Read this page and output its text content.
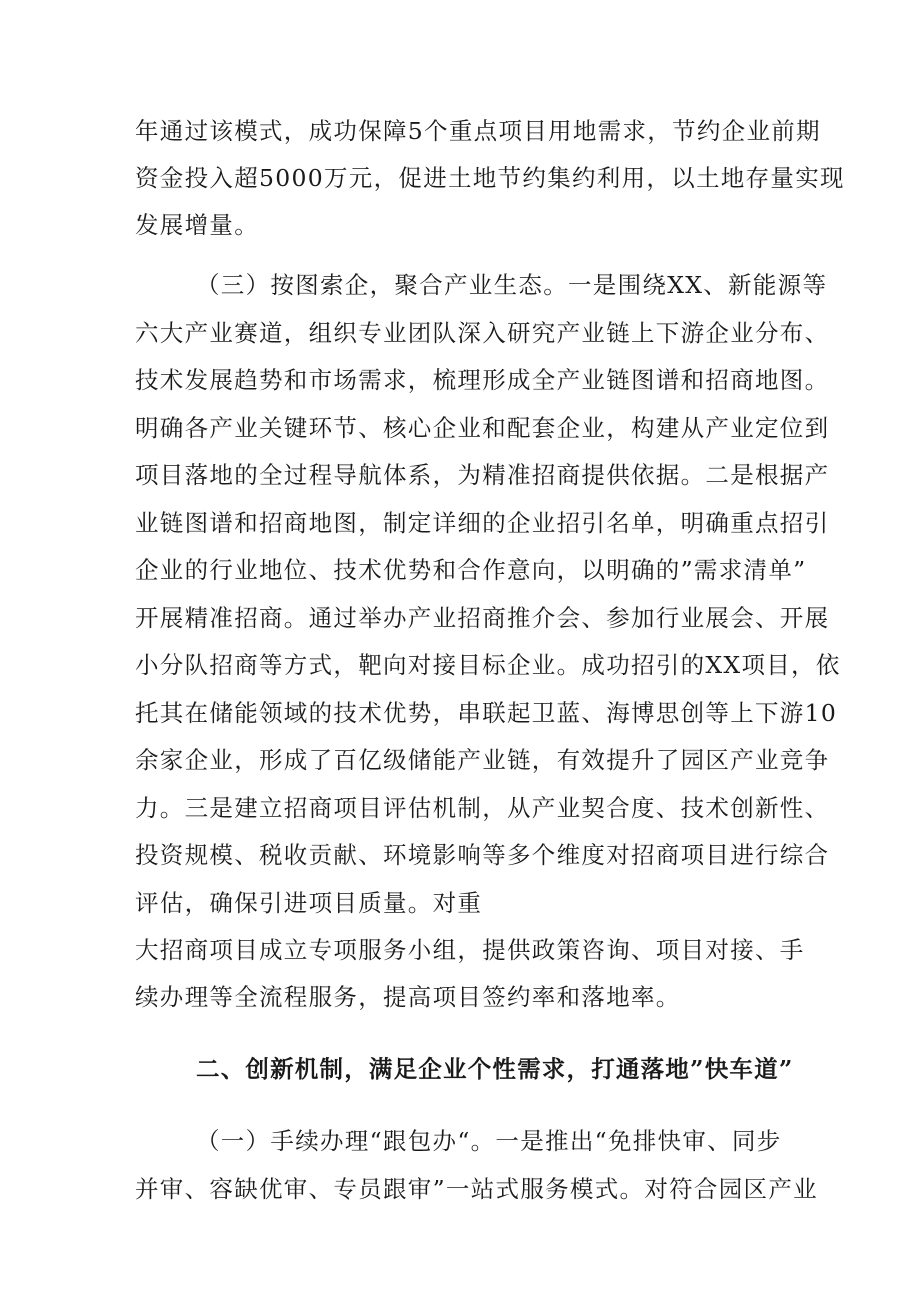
年通过该模式，成功保障5个重点项目用地需求，节约企业前期
资金投入超5000万元，促进土地节约集约利用，以土地存量实现
发展增量。
（三）按图索企，聚合产业生态。一是围绕XX、新能源等
六大产业赛道，组织专业团队深入研究产业链上下游企业分布、
技术发展趋势和市场需求，梳理形成全产业链图谱和招商地图。
明确各产业关键环节、核心企业和配套企业，构建从产业定位到
项目落地的全过程导航体系，为精准招商提供依据。二是根据产
业链图谱和招商地图，制定详细的企业招引名单，明确重点招引
企业的行业地位、技术优势和合作意向，以明确的”需求清单”
开展精准招商。通过举办产业招商推介会、参加行业展会、开展
小分队招商等方式，靶向对接目标企业。成功招引的XX项目，依
托其在储能领域的技术优势，串联起卫蓝、海博思创等上下游10
余家企业，形成了百亿级储能产业链，有效提升了园区产业竞争
力。三是建立招商项目评估机制，从产业契合度、技术创新性、
投资规模、税收贡献、环境影响等多个维度对招商项目进行综合
评估，确保引进项目质量。对重
大招商项目成立专项服务小组，提供政策咨询、项目对接、手
续办理等全流程服务，提高项目签约率和落地率。
二、创新机制，满足企业个性需求，打通落地”快车道”
（一）手续办理“跟包办“。一是推出“免排快审、同步
并审、容缺优审、专员跟审”一站式服务模式。对符合园区产业
